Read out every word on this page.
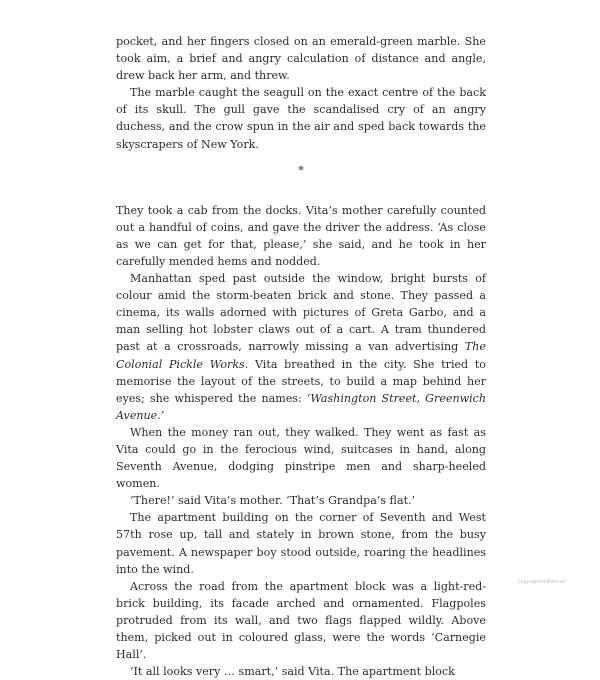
pocket, and her fingers closed on an emerald-green marble. She took aim, a brief and angry calculation of distance and angle, drew back her arm, and threw.

The marble caught the seagull on the exact centre of the back of its skull. The gull gave the scandalised cry of an angry duchess, and the crow spun in the air and sped back towards the skyscrapers of New York.

*

They took a cab from the docks. Vita’s mother carefully counted out a handful of coins, and gave the driver the address. ‘As close as we can get for that, please,’ she said, and he took in her carefully mended hems and nodded.

Manhattan sped past outside the window, bright bursts of colour amid the storm-beaten brick and stone. They passed a cinema, its walls adorned with pictures of Greta Garbo, and a man selling hot lobster claws out of a cart. A tram thundered past at a crossroads, narrowly missing a van advertising The Colonial Pickle Works. Vita breathed in the city. She tried to memorise the layout of the streets, to build a map behind her eyes; she whispered the names: ‘Washington Street, Greenwich Avenue.’

When the money ran out, they walked. They went as fast as Vita could go in the ferocious wind, suitcases in hand, along Seventh Avenue, dodging pinstripe men and sharp-heeled women.

‘There!’ said Vita’s mother. ‘That’s Grandpa’s flat.’

The apartment building on the corner of Seventh and West 57th rose up, tall and stately in brown stone, from the busy pavement. A newspaper boy stood outside, roaring the headlines into the wind.

Across the road from the apartment block was a light-red-brick building, its facade arched and ornamented. Flagpoles protruded from its wall, and two flags flapped wildly. Above them, picked out in coloured glass, were the words ‘Carnegie Hall’.

‘It all looks very … smart,’ said Vita. The apartment block

Copyrighted Material
